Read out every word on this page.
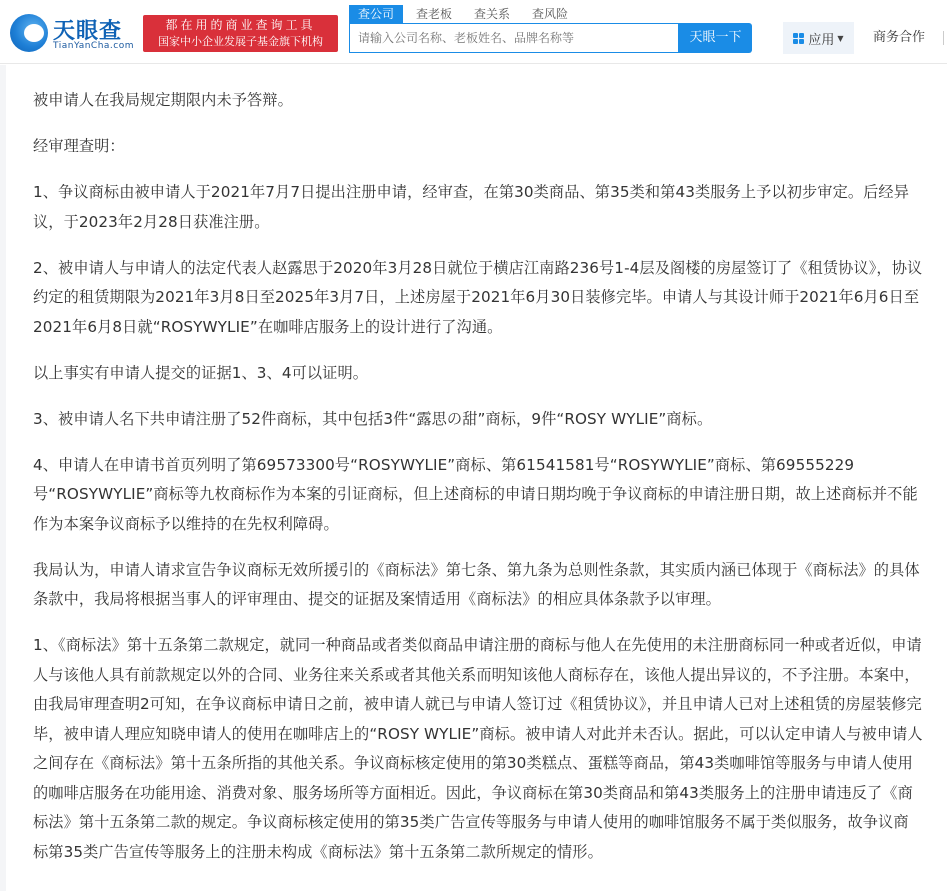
天眼查
TianYanCha.com
都在用的商业查询工具
国家中小企业发展子基金旗下机构
查公司	查老板	查关系	查风险
请输入公司名称、老板姓名、品牌名称等
天眼一下	应用 ▼ 商务合作

被申请人在我局规定期限内未予答辩。

经审理查明：

1、争议商标由被申请人于2021年7月7日提出注册申请，经审查，在第30类商品、第35类和第43类服务上予以初步审定。后经异议，于2023年2月28日获准注册。

2、被申请人与申请人的法定代表人赵露思于2020年3月28日就位于横店江南路236号1-4层及阁楼的房屋签订了《租赁协议》，协议约定的租赁期限为2021年3月8日至2025年3月7日，上述房屋于2021年6月30日装修完毕。申请人与其设计师于2021年6月6日至2021年6月8日就“ROSYWYLIE”在咖啡店服务上的设计进行了沟通。

以上事实有申请人提交的证据1、3、4可以证明。

3、被申请人名下共申请注册了52件商标，其中包括3件“露思の甜”商标，9件“ROSY WYLIE”商标。

4、申请人在申请书首页列明了第69573300号“ROSYWYLIE”商标、第61541581号“ROSYWYLIE”商标、第69555229号“ROSYWYLIE”商标等九枚商标作为本案的引证商标，但上述商标的申请日期均晚于争议商标的申请注册日期，故上述商标并不能作为本案争议商标予以维持的在先权利障碍。

我局认为，申请人请求宣告争议商标无效所援引的《商标法》第七条、第九条为总则性条款，其实质内涵已体现于《商标法》的具体条款中，我局将根据当事人的评审理由、提交的证据及案情适用《商标法》的相应具体条款予以审理。

1、《商标法》第十五条第二款规定，就同一种商品或者类似商品申请注册的商标与他人在先使用的未注册商标同一种或者近似，申请人与该他人具有前款规定以外的合同、业务往来关系或者其他关系而明知该他人商标存在，该他人提出异议的，不予注册。本案中，由我局审理查明2可知，在争议商标申请日之前，被申请人就已与申请人签订过《租赁协议》，并且申请人已对上述租赁的房屋装修完毕，被申请人理应知晓申请人的使用在咖啡店上的“ROSY WYLIE”商标。被申请人对此并未否认。据此，可以认定申请人与被申请人之间存在《商标法》第十五条所指的其他关系。争议商标核定使用的第30类糕点、蛋糕等商品，第43类咖啡馆等服务与申请人使用的咖啡店服务在功能用途、消费对象、服务场所等方面相近。因此，争议商标在第30类商品和第43类服务上的注册申请违反了《商标法》第十五条第二款的规定。争议商标核定使用的第35类广告宣传等服务与申请人使用的咖啡馆服务不属于类似服务，故争议商标第35类广告宣传等服务上的注册未构成《商标法》第十五条第二款所规定的情形。
